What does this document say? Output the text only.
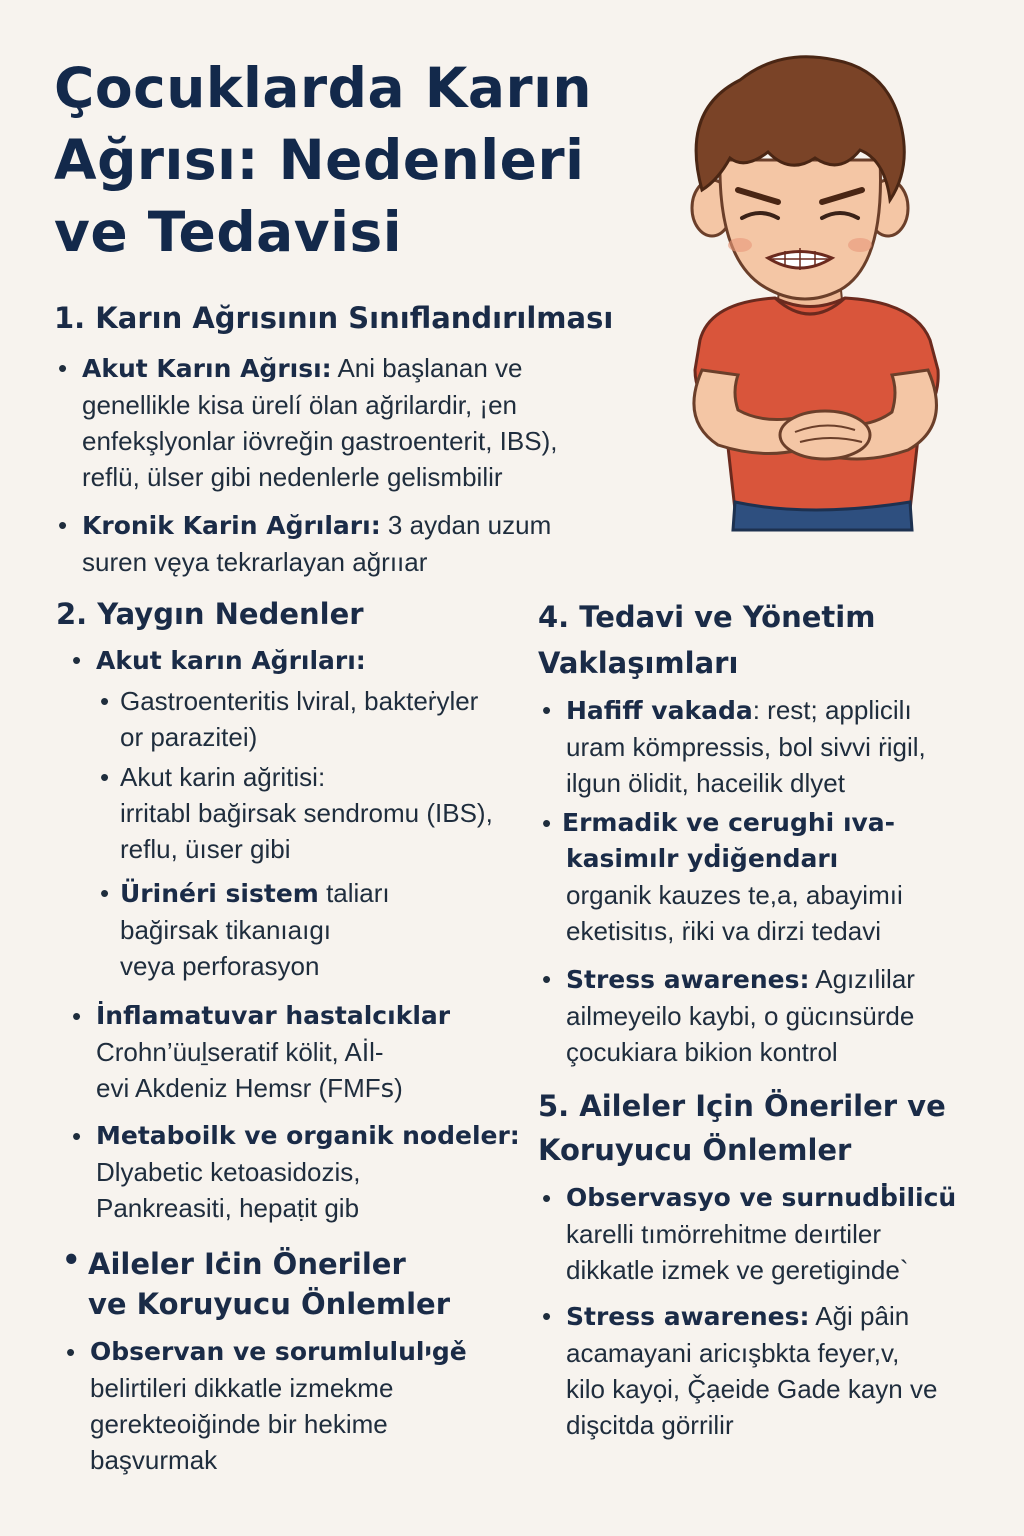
Çocuklarda Karın
Ağrısı: Nedenleri
ve Tedavisi
1. Karın Ağrısının Sınıflandırılması
• Akut Karın Ağrısı: Ani başlanan ve
genellikle kisa ürelí ölan ağrilardir, ¡en
enfekşlyonlar iövreğin gastroenterit, IBS),
reflü, ülser gibi nedenlerle gelismbilir
• Kronik Karin Ağrıları: 3 aydan uzum
suren vęya tekrarlayan ağrııar
2. Yaygın Nedenler
• Akut karın Ağrıları:
• Gastroenteritis lviral, bakteṙyler
or parazitei)
• Akut karin ağritisi:
irritabl bağirsak sendromu (IBS),
reflu, üıser gibi
• Ürinéri sistem taliarı
bağirsak tikanıaıgı
veya perforasyon
• İnflamatuvar hastalcıklar
Crohn’üuḻseratif kölit, Aİl-
evi Akdeniz Hemsr (FMFꜱ)
• Metaboilk ve organik nodeler:
Dlyabetic ketoasidozis,
Pankreasiti, hepaṭit gib
• Aileler Iċin Öneriler
ve Koruyucu Önlemler
• Observan ve sorumlululיgě
belirtileri dikkatle izmekme
gerekteoiğinde bir hekime
başvurmak
4. Tedavi ve Yönetim
Vaklaşımları
• Hafiff vakada: rest; applicilı
uram kömpressis, bol sivvi ṙigil,
ilgun ölidit, haceilik dlyet
• Ermadik ve cerughi ıva-
kasimılr yḋiğendarı
organik kauzes te,a, abayimıi
eketisitıs, ṙiki va dirzi tedavi
• Stress awarenes: Agızılilar
ailmeyeilo kaybi, o gücınsürde
çocukiara bikion kontrol
5. Aileler Için Öneriler ve
Koruyucu Önlemler
• Observasyo ve surnudḃilicü
karelli tımörrehitme deırtiler
dikkatle izmek ve geretiginde`
• Stress awarenes: Aği pâin
acamayani aricışbkta feyer,v,
kilo kayọi, Ç̌ạeide Gade kayn ve
dişcitda görrilir
